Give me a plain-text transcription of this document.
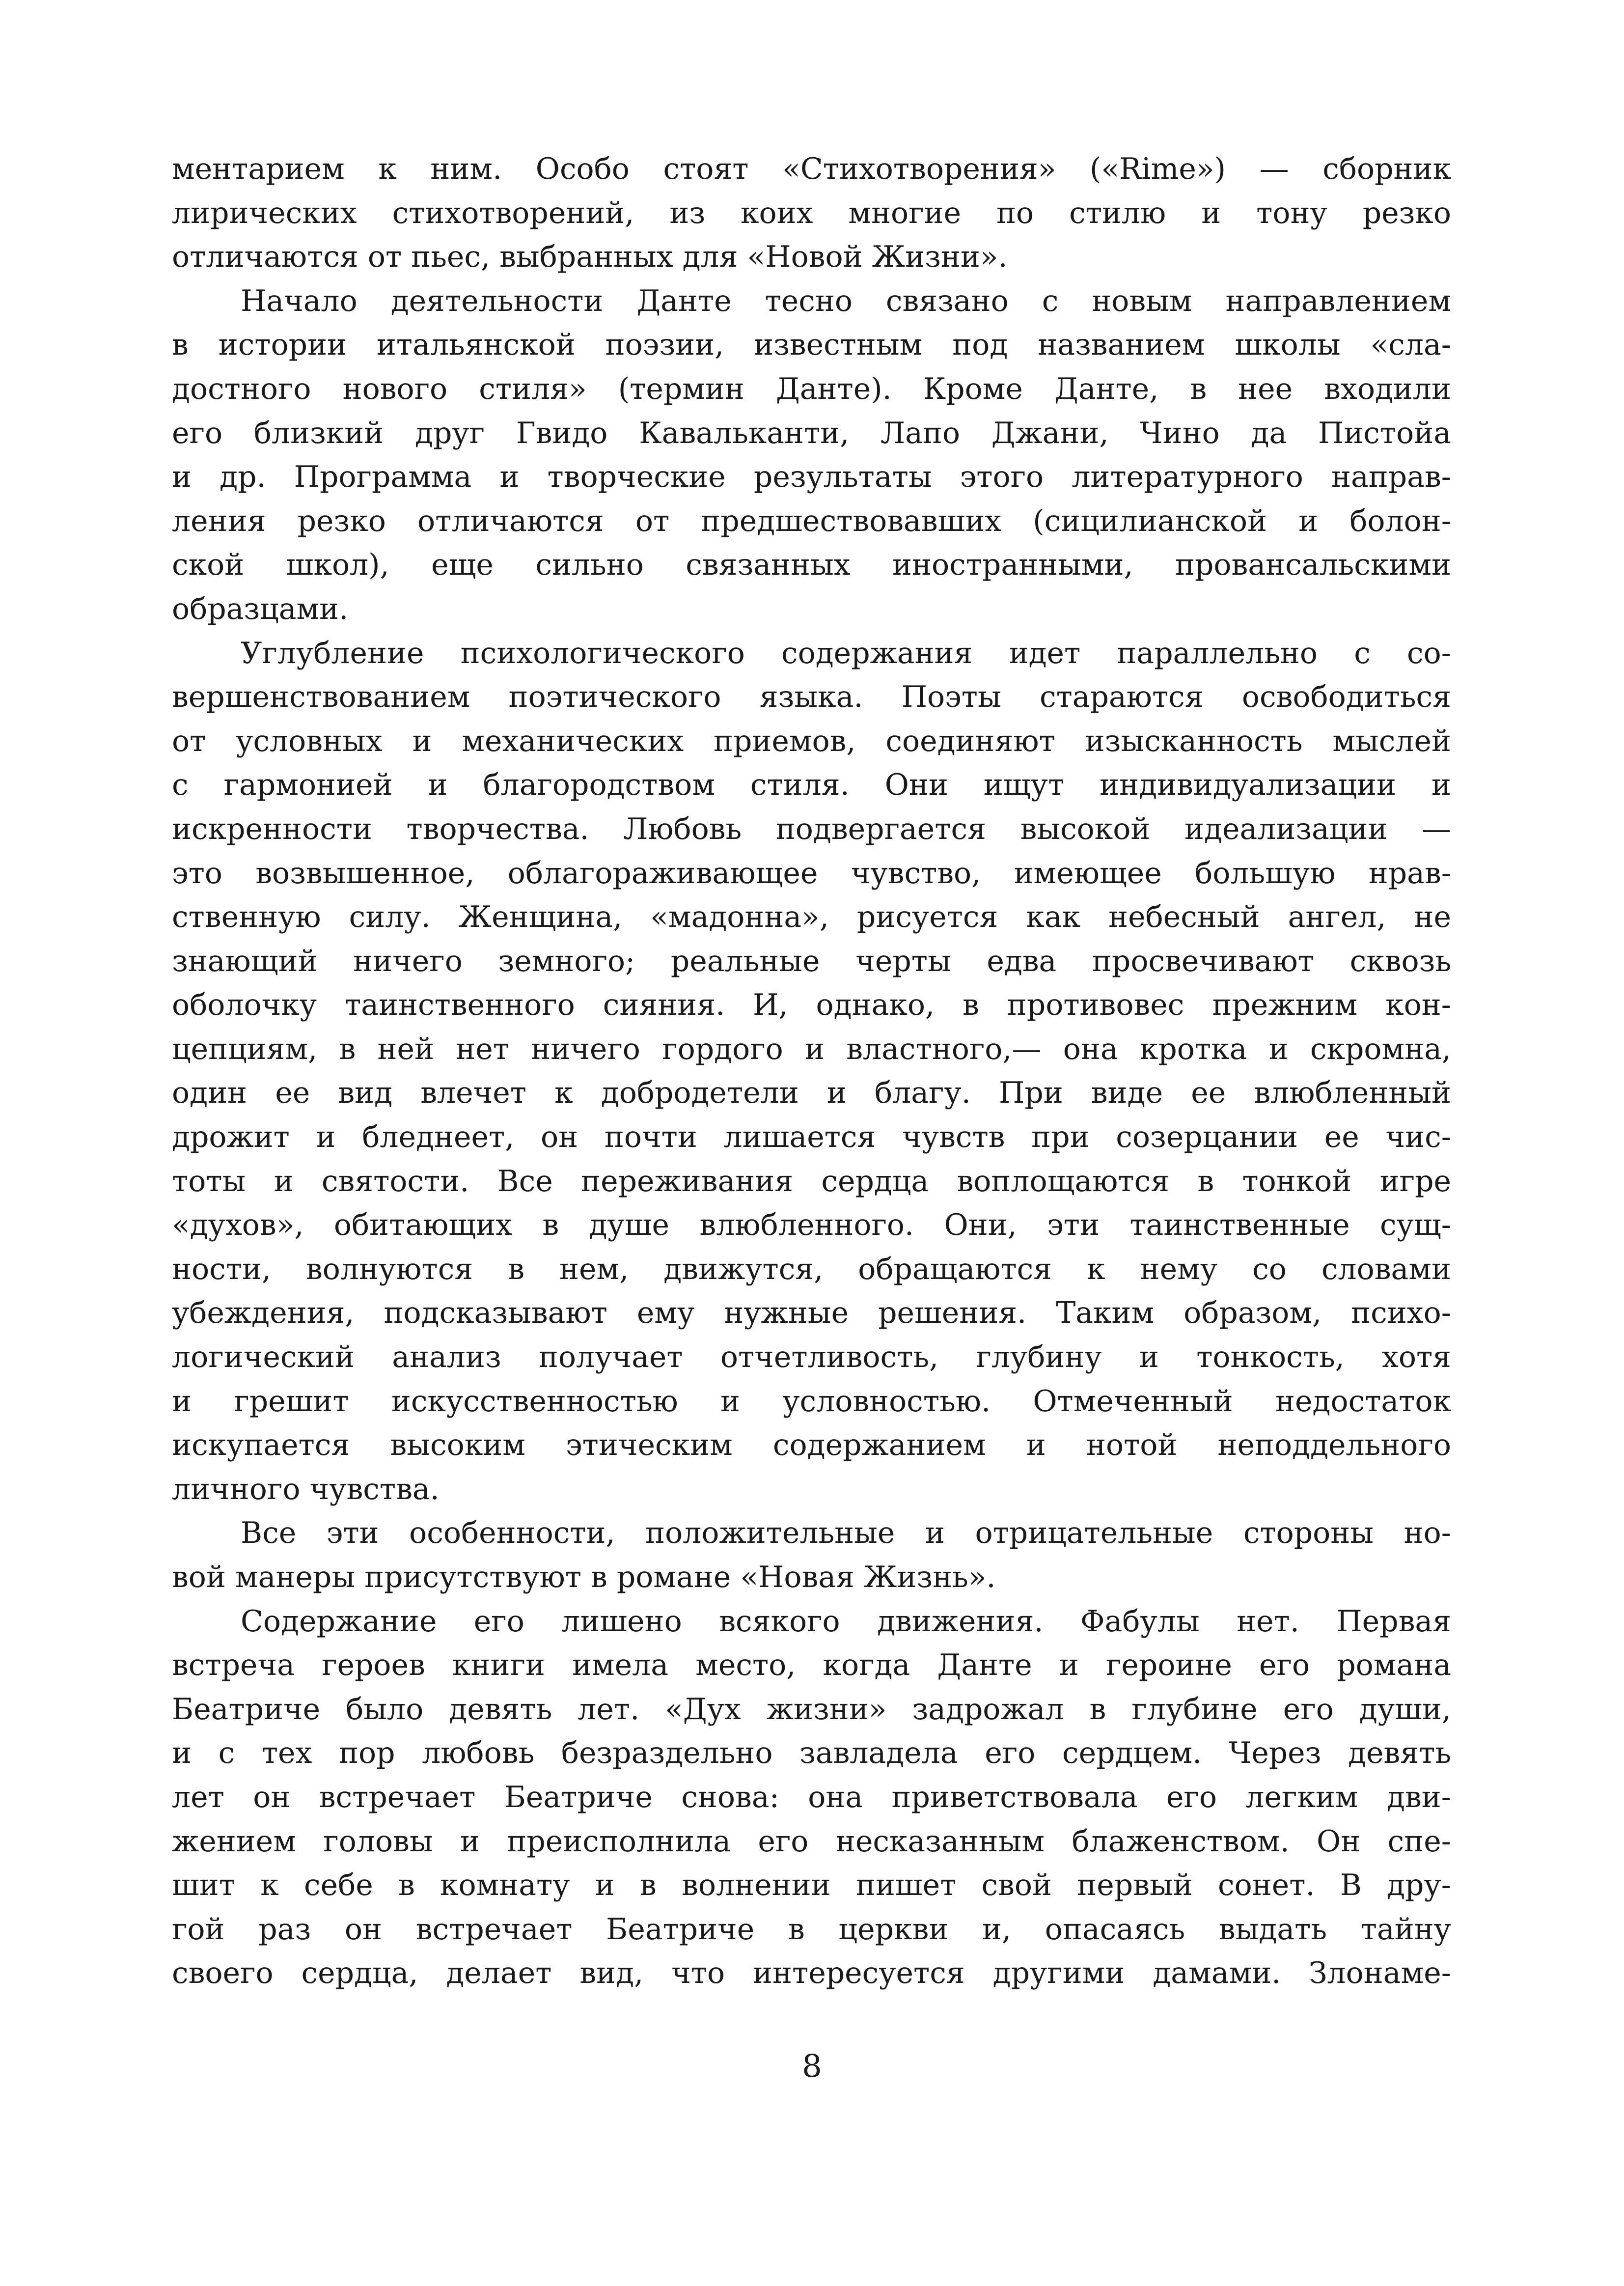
ментарием к ним. Особо стоят «Стихотворения» («Rime») — сборник
лирических стихотворений, из коих многие по стилю и тону резко
отличаются от пьес, выбранных для «Новой Жизни».
Начало деятельности Данте тесно связано с новым направлением
в истории итальянской поэзии, известным под названием школы «сла-
достного нового стиля» (термин Данте). Кроме Данте, в нее входили
его близкий друг Гвидо Кавальканти, Лапо Джани, Чино да Пистойа
и др. Программа и творческие результаты этого литературного направ-
ления резко отличаются от предшествовавших (сицилианской и болон-
ской школ), еще сильно связанных иностранными, провансальскими
образцами.
Углубление психологического содержания идет параллельно с со-
вершенствованием поэтического языка. Поэты стараются освободиться
от условных и механических приемов, соединяют изысканность мыслей
с гармонией и благородством стиля. Они ищут индивидуализации и
искренности творчества. Любовь подвергается высокой идеализации —
это возвышенное, облагораживающее чувство, имеющее большую нрав-
ственную силу. Женщина, «мадонна», рисуется как небесный ангел, не
знающий ничего земного; реальные черты едва просвечивают сквозь
оболочку таинственного сияния. И, однако, в противовес прежним кон-
цепциям, в ней нет ничего гордого и властного,— она кротка и скромна,
один ее вид влечет к добродетели и благу. При виде ее влюбленный
дрожит и бледнеет, он почти лишается чувств при созерцании ее чис-
тоты и святости. Все переживания сердца воплощаются в тонкой игре
«духов», обитающих в душе влюбленного. Они, эти таинственные сущ-
ности, волнуются в нем, движутся, обращаются к нему со словами
убеждения, подсказывают ему нужные решения. Таким образом, психо-
логический анализ получает отчетливость, глубину и тонкость, хотя
и грешит искусственностью и условностью. Отмеченный недостаток
искупается высоким этическим содержанием и нотой неподдельного
личного чувства.
Все эти особенности, положительные и отрицательные стороны но-
вой манеры присутствуют в романе «Новая Жизнь».
Содержание его лишено всякого движения. Фабулы нет. Первая
встреча героев книги имела место, когда Данте и героине его романа
Беатриче было девять лет. «Дух жизни» задрожал в глубине его души,
и с тех пор любовь безраздельно завладела его сердцем. Через девять
лет он встречает Беатриче снова: она приветствовала его легким дви-
жением головы и преисполнила его несказанным блаженством. Он спе-
шит к себе в комнату и в волнении пишет свой первый сонет. В дру-
гой раз он встречает Беатриче в церкви и, опасаясь выдать тайну
своего сердца, делает вид, что интересуется другими дамами. Злонаме-
8
